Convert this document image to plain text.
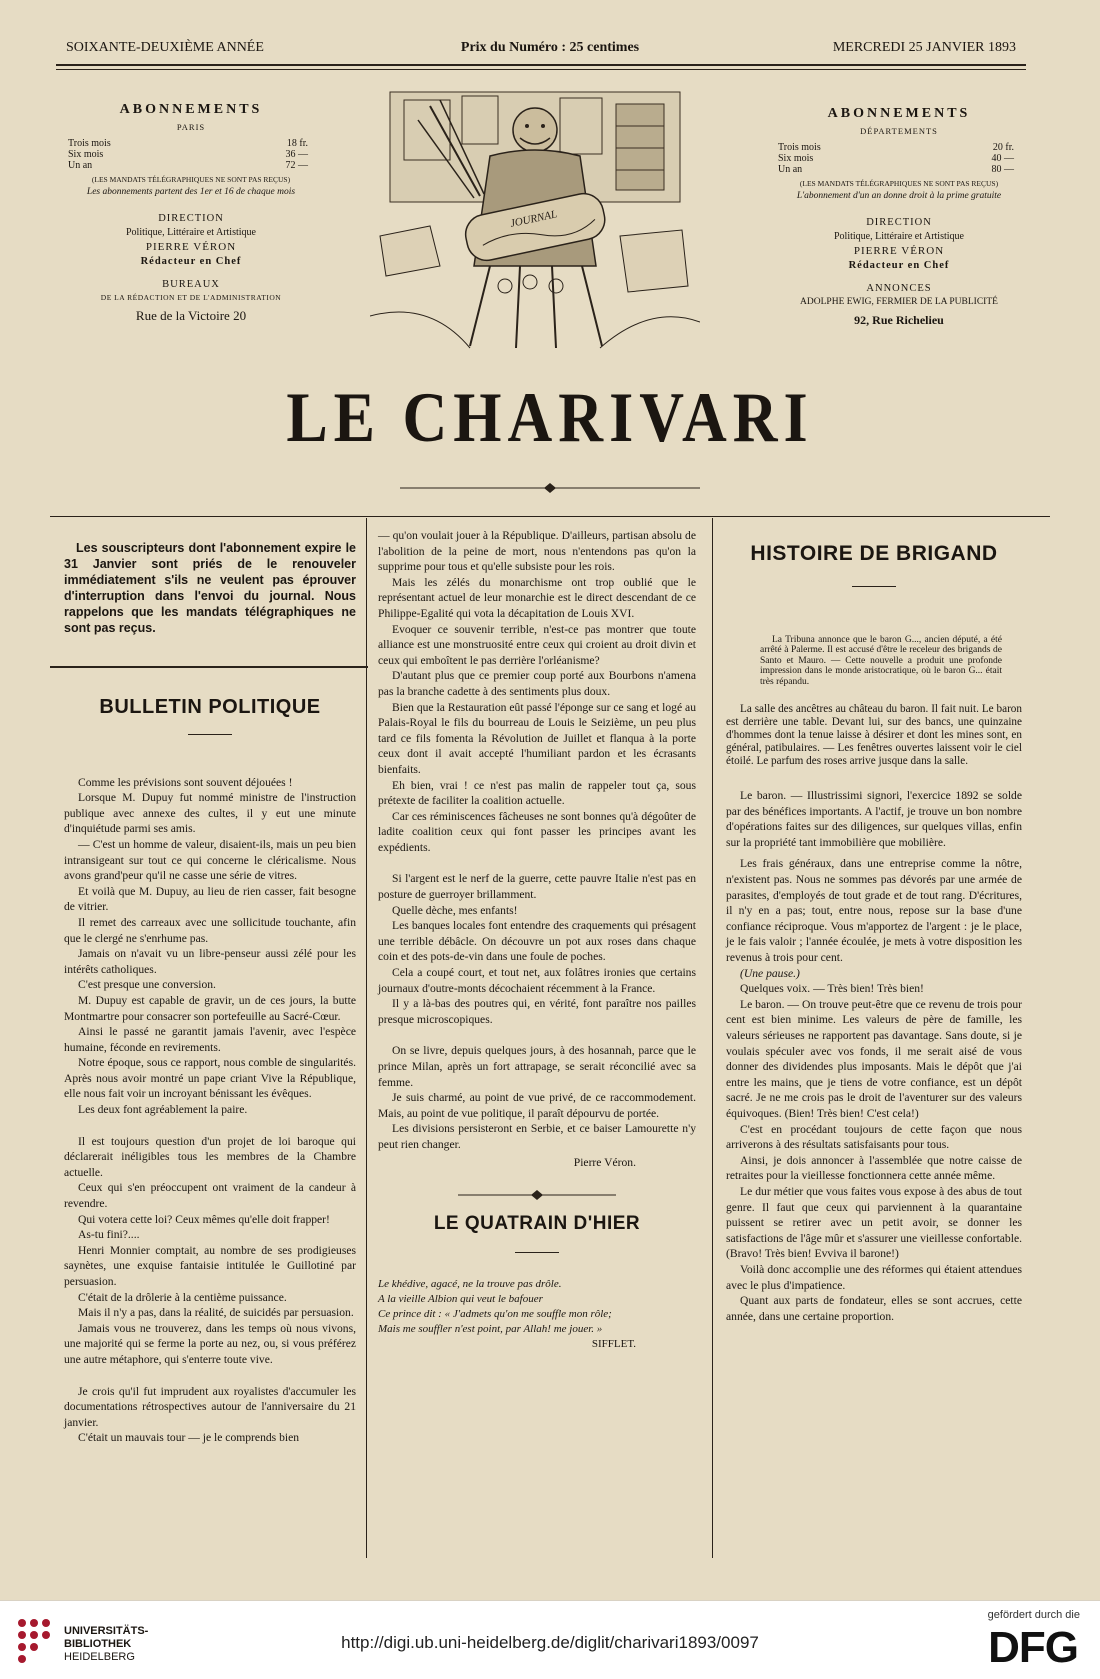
SOIXANTE-DEUXIÈME ANNÉE	Prix du Numéro : 25 centimes	MERCREDI 25 JANVIER 1893
ABONNEMENTS
PARIS
Trois mois	18 fr.
Six mois	36 —
Un an	72 —
(LES MANDATS TÉLÉGRAPHIQUES NE SONT PAS REÇUS)
Les abonnements partent des 1er et 16 de chaque mois
DIRECTION
Politique, Littéraire et Artistique
PIERRE VÉRON
Rédacteur en Chef
BUREAUX
DE LA RÉDACTION ET DE L'ADMINISTRATION
Rue de la Victoire 20
JOURNAL
ABONNEMENTS
DÉPARTEMENTS
Trois mois	20 fr.
Six mois	40 —
Un an	80 —
(LES MANDATS TÉLÉGRAPHIQUES NE SONT PAS REÇUS)
L'abonnement d'un an donne droit à la prime gratuite
DIRECTION
Politique, Littéraire et Artistique
PIERRE VÉRON
Rédacteur en Chef
ANNONCES
ADOLPHE EWIG, FERMIER DE LA PUBLICITÉ
92, Rue Richelieu
LE CHARIVARI
Les souscripteurs dont l'abonnement expire le 31 Janvier sont priés de le renouveler immédiatement s'ils ne veulent pas éprouver d'interruption dans l'envoi du journal. Nous rappelons que les mandats télégraphiques ne sont pas reçus.
BULLETIN POLITIQUE

Comme les prévisions sont souvent déjouées !

Lorsque M. Dupuy fut nommé ministre de l'instruction publique avec annexe des cultes, il y eut une minute d'inquiétude parmi ses amis.

— C'est un homme de valeur, disaient-ils, mais un peu bien intransigeant sur tout ce qui concerne le cléricalisme. Nous avons grand'peur qu'il ne casse une série de vitres.

Et voilà que M. Dupuy, au lieu de rien casser, fait besogne de vitrier.

Il remet des carreaux avec une sollicitude touchante, afin que le clergé ne s'enrhume pas.

Jamais on n'avait vu un libre-penseur aussi zélé pour les intérêts catholiques.

C'est presque une conversion.

M. Dupuy est capable de gravir, un de ces jours, la butte Montmartre pour consacrer son portefeuille au Sacré-Cœur.

Ainsi le passé ne garantit jamais l'avenir, avec l'espèce humaine, féconde en revirements.

Notre époque, sous ce rapport, nous comble de singularités. Après nous avoir montré un pape criant Vive la République, elle nous fait voir un incroyant bénissant les évêques.

Les deux font agréablement la paire.

Il est toujours question d'un projet de loi baroque qui déclarerait inéligibles tous les membres de la Chambre actuelle.

Ceux qui s'en préoccupent ont vraiment de la candeur à revendre.

Qui votera cette loi? Ceux mêmes qu'elle doit frapper!

As-tu fini?....

Henri Monnier comptait, au nombre de ses prodigieuses saynètes, une exquise fantaisie intitulée le Guillotiné par persuasion.

C'était de la drôlerie à la centième puissance.

Mais il n'y a pas, dans la réalité, de suicidés par persuasion.

Jamais vous ne trouverez, dans les temps où nous vivons, une majorité qui se ferme la porte au nez, ou, si vous préférez une autre métaphore, qui s'enterre toute vive.

Je crois qu'il fut imprudent aux royalistes d'accumuler les documentations rétrospectives autour de l'anniversaire du 21 janvier.

C'était un mauvais tour — je le comprends bien

— qu'on voulait jouer à la République. D'ailleurs, partisan absolu de l'abolition de la peine de mort, nous n'entendons pas qu'on la supprime pour tous et qu'elle subsiste pour les rois.

Mais les zélés du monarchisme ont trop oublié que le représentant actuel de leur monarchie est le direct descendant de ce Philippe-Egalité qui vota la décapitation de Louis XVI.

Evoquer ce souvenir terrible, n'est-ce pas montrer que toute alliance est une monstruosité entre ceux qui croient au droit divin et ceux qui emboîtent le pas derrière l'orléanisme?

D'autant plus que ce premier coup porté aux Bourbons n'amena pas la branche cadette à des sentiments plus doux.

Bien que la Restauration eût passé l'éponge sur ce sang et logé au Palais-Royal le fils du bourreau de Louis le Seizième, un peu plus tard ce fils fomenta la Révolution de Juillet et flanqua à la porte ceux dont il avait accepté l'humiliant pardon et les écrasants bienfaits.

Eh bien, vrai ! ce n'est pas malin de rappeler tout ça, sous prétexte de faciliter la coalition actuelle.

Car ces réminiscences fâcheuses ne sont bonnes qu'à dégoûter de ladite coalition ceux qui font passer les principes avant les expédients.

Si l'argent est le nerf de la guerre, cette pauvre Italie n'est pas en posture de guerroyer brillamment.

Quelle dèche, mes enfants!

Les banques locales font entendre des craquements qui présagent une terrible débâcle. On découvre un pot aux roses dans chaque coin et des pots-de-vin dans une foule de poches.

Cela a coupé court, et tout net, aux folâtres ironies que certains journaux d'outre-monts décochaient récemment à la France.

Il y a là-bas des poutres qui, en vérité, font paraître nos pailles presque microscopiques.

On se livre, depuis quelques jours, à des hosannah, parce que le prince Milan, après un fort attrapage, se serait réconcilié avec sa femme.

Je suis charmé, au point de vue privé, de ce raccommodement. Mais, au point de vue politique, il paraît dépourvu de portée.

Les divisions persisteront en Serbie, et ce baiser Lamourette n'y peut rien changer.

Pierre Véron.
LE QUATRAIN D'HIER
Le khédive, agacé, ne la trouve pas drôle.
A la vieille Albion qui veut le bafouer
Ce prince dit : « J'admets qu'on me souffle mon rôle;
Mais me souffler n'est point, par Allah! me jouer. »
SIFFLET.
HISTOIRE DE BRIGAND
La Tribuna annonce que le baron G..., ancien député, a été arrêté à Palerme. Il est accusé d'être le receleur des brigands de Santo et Mauro. — Cette nouvelle a produit une profonde impression dans le monde aristocratique, où le baron G... était très répandu.

La salle des ancêtres au château du baron. Il fait nuit. Le baron est derrière une table. Devant lui, sur des bancs, une quinzaine d'hommes dont la tenue laisse à désirer et dont les mines sont, en général, patibulaires. — Les fenêtres ouvertes laissent voir le ciel étoilé. Le parfum des roses arrive jusque dans la salle.

Le baron. — Illustrissimi signori, l'exercice 1892 se solde par des bénéfices importants. A l'actif, je trouve un bon nombre d'opérations faites sur des diligences, sur quelques villas, enfin sur la propriété tant immobilière que mobilière.

Les frais généraux, dans une entreprise comme la nôtre, n'existent pas. Nous ne sommes pas dévorés par une armée de parasites, d'employés de tout grade et de tout rang. D'écritures, il n'y en a pas; tout, entre nous, repose sur la base d'une confiance réciproque. Vous m'apportez de l'argent : je le place, je le fais valoir ; l'année écoulée, je mets à votre disposition les revenus à trois pour cent.

(Une pause.)

Quelques voix. — Très bien! Très bien!

Le baron. — On trouve peut-être que ce revenu de trois pour cent est bien minime. Les valeurs de père de famille, les valeurs sérieuses ne rapportent pas davantage. Sans doute, si je voulais spéculer avec vos fonds, il me serait aisé de vous donner des dividendes plus imposants. Mais le dépôt que j'ai entre les mains, que je tiens de votre confiance, est un dépôt sacré. Je ne me crois pas le droit de l'aventurer sur des valeurs équivoques. (Bien! Très bien! C'est cela!)

C'est en procédant toujours de cette façon que nous arriverons à des résultats satisfaisants pour tous.

Ainsi, je dois annoncer à l'assemblée que notre caisse de retraites pour la vieillesse fonctionnera cette année même.

Le dur métier que vous faites vous expose à des abus de tout genre. Il faut que ceux qui parviennent à la quarantaine puissent se retirer avec un petit avoir, se donner les satisfactions de l'âge mûr et s'assurer une vieillesse confortable. (Bravo! Très bien! Evviva il barone!)

Voilà donc accomplie une des réformes qui étaient attendues avec le plus d'impatience.

Quant aux parts de fondateur, elles se sont accrues, cette année, dans une certaine proportion.

UNIVERSITÄTS-
BIBLIOTHEK
HEIDELBERG
http://digi.ub.uni-heidelberg.de/diglit/charivari1893/0097
gefördert durch die
DFG
